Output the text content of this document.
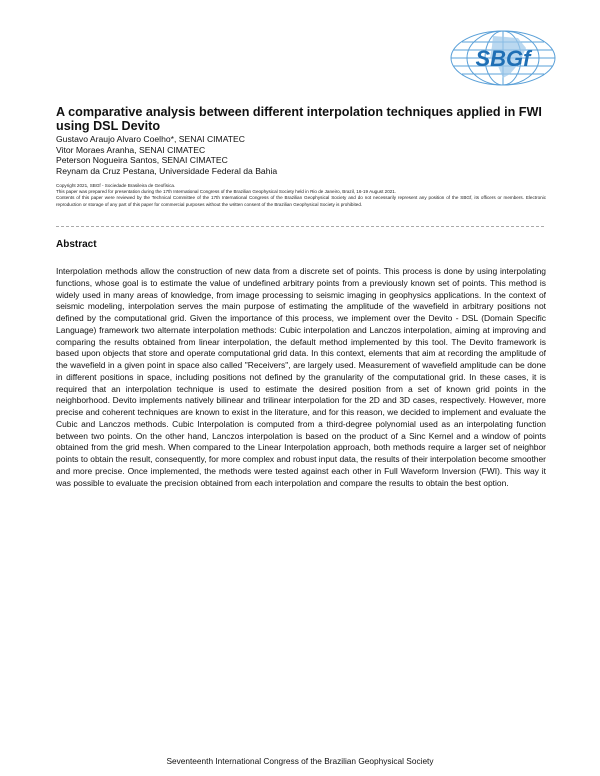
SBGf
A comparative analysis between different interpolation techniques applied in FWI using DSL Devito
Gustavo Araujo Alvaro Coelho*, SENAI CIMATEC
Vitor Moraes Aranha, SENAI CIMATEC
Peterson Nogueira Santos, SENAI CIMATEC
Reynam da Cruz Pestana, Universidade Federal da Bahia
Copyright 2021, SBGf - Sociedade Brasileira de Geofísica.
This paper was prepared for presentation during the 17th International Congress of the Brazilian Geophysical Society held in Rio de Janeiro, Brazil, 16-19 August 2021.
Contents of this paper were reviewed by the Technical Committee of the 17th International Congress of the Brazilian Geophysical Society and do not necessarily represent any position of the SBGf, its officers or members. Electronic reproduction or storage of any part of this paper for commercial purposes without the written consent of the Brazilian Geophysical Society is prohibited.
Abstract
Interpolation methods allow the construction of new data from a discrete set of points. This process is done by using interpolating functions, whose goal is to estimate the value of undefined arbitrary points from a previously known set of points. This method is widely used in many areas of knowledge, from image processing to seismic imaging in geophysics applications. In the context of seismic modeling, interpolation serves the main purpose of estimating the amplitude of the wavefield in arbitrary positions not defined by the computational grid. Given the importance of this process, we implement over the Devito - DSL (Domain Specific Language) framework two alternate interpolation methods: Cubic interpolation and Lanczos interpolation, aiming at improving and comparing the results obtained from linear interpolation, the default method implemented by this tool. The Devito framework is based upon objects that store and operate computational grid data. In this context, elements that aim at recording the amplitude of the wavefield in a given point in space also called "Receivers", are largely used. Measurement of wavefield amplitude can be done in different positions in space, including positions not defined by the granularity of the computational grid. In these cases, it is required that an interpolation technique is used to estimate the desired position from a set of known grid points in the neighborhood. Devito implements natively bilinear and trilinear interpolation for the 2D and 3D cases, respectively. However, more precise and coherent techniques are known to exist in the literature, and for this reason, we decided to implement and evaluate the Cubic and Lanczos methods. Cubic Interpolation is computed from a third-degree polynomial used as an interpolating function between two points. On the other hand, Lanczos interpolation is based on the product of a Sinc Kernel and a window of points obtained from the grid mesh. When compared to the Linear Interpolation approach, both methods require a larger set of neighbor points to obtain the result, consequently, for more complex and robust input data, the results of their interpolation become smoother and more precise. Once implemented, the methods were tested against each other in Full Waveform Inversion (FWI). This way it was possible to evaluate the precision obtained from each interpolation and compare the results to obtain the best option.
Seventeenth International Congress of the Brazilian Geophysical Society
